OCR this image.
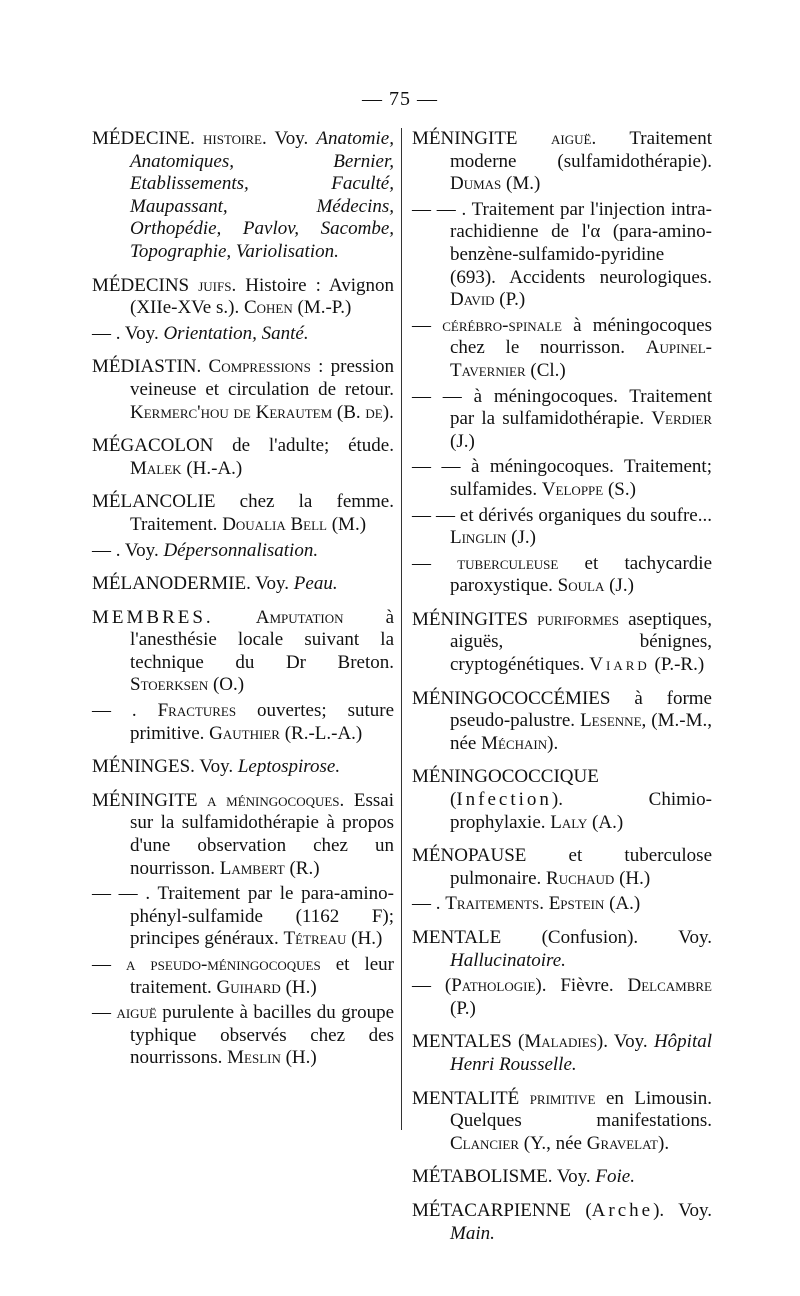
— 75 —

MÉDECINE. histoire. Voy. Anatomie, Anatomiques, Bernier, Etablissements, Faculté, Maupassant, Médecins, Orthopédie, Pavlov, Sacombe, Topographie, Variolisation.

MÉDECINS juifs. Histoire : Avignon (XIIe-XVe s.). Cohen (M.-P.)

— . Voy. Orientation, Santé.

MÉDIASTIN. Compressions : pression veineuse et circulation de retour. Kermerc'hou de Kerautem (B. de).

MÉGACOLON de l'adulte; étude. Malek (H.-A.)

MÉLANCOLIE chez la femme. Traitement. Doualia Bell (M.)

— . Voy. Dépersonnalisation.

MÉLANODERMIE. Voy. Peau.

MEMBRES. Amputation à l'anesthésie locale suivant la technique du Dr Breton. Stoerksen (O.)

— . Fractures ouvertes; suture primitive. Gauthier (R.-L.-A.)

MÉNINGES. Voy. Leptospirose.

MÉNINGITE a méningocoques. Essai sur la sulfamidothérapie à propos d'une observation chez un nourrisson. Lambert (R.)

— — . Traitement par le para-amino-phényl-sulfamide (1162 F); principes généraux. Tétreau (H.)

— a pseudo-méningocoques et leur traitement. Guihard (H.)

— aiguë purulente à bacilles du groupe typhique observés chez des nourrissons. Meslin (H.)

MÉNINGITE aiguë. Traitement moderne (sulfamidothérapie). Dumas (M.)

— — . Traitement par l'injection intra-rachidienne de l'α (para-amino-benzène-sulfamido-pyridine (693). Accidents neurologiques. David (P.)

— cérébro-spinale à méningocoques chez le nourrisson. Aupinel-Tavernier (Cl.)

— — à méningocoques. Traitement par la sulfamidothérapie. Verdier (J.)

— — à méningocoques. Traitement; sulfamides. Veloppe (S.)

— — et dérivés organiques du soufre... Linglin (J.)

— tuberculeuse et tachycardie paroxystique. Soula (J.)

MÉNINGITES puriformes aseptiques, aiguës, bénignes, cryptogénétiques. Viard (P.-R.)

MÉNINGOCOCCÉMIES à forme pseudo-palustre. Lesenne, (M.-M., née Méchain).

MÉNINGOCOCCIQUE (Infection). Chimio-prophylaxie. Laly (A.)

MÉNOPAUSE et tuberculose pulmonaire. Ruchaud (H.)

— . Traitements. Epstein (A.)

MENTALE (Confusion). Voy. Hallucinatoire.

— (Pathologie). Fièvre. Delcambre (P.)

MENTALES (Maladies). Voy. Hôpital Henri Rousselle.

MENTALITÉ primitive en Limousin. Quelques manifestations. Clancier (Y., née Gravelat).

MÉTABOLISME. Voy. Foie.

MÉTACARPIENNE (Arche). Voy. Main.
